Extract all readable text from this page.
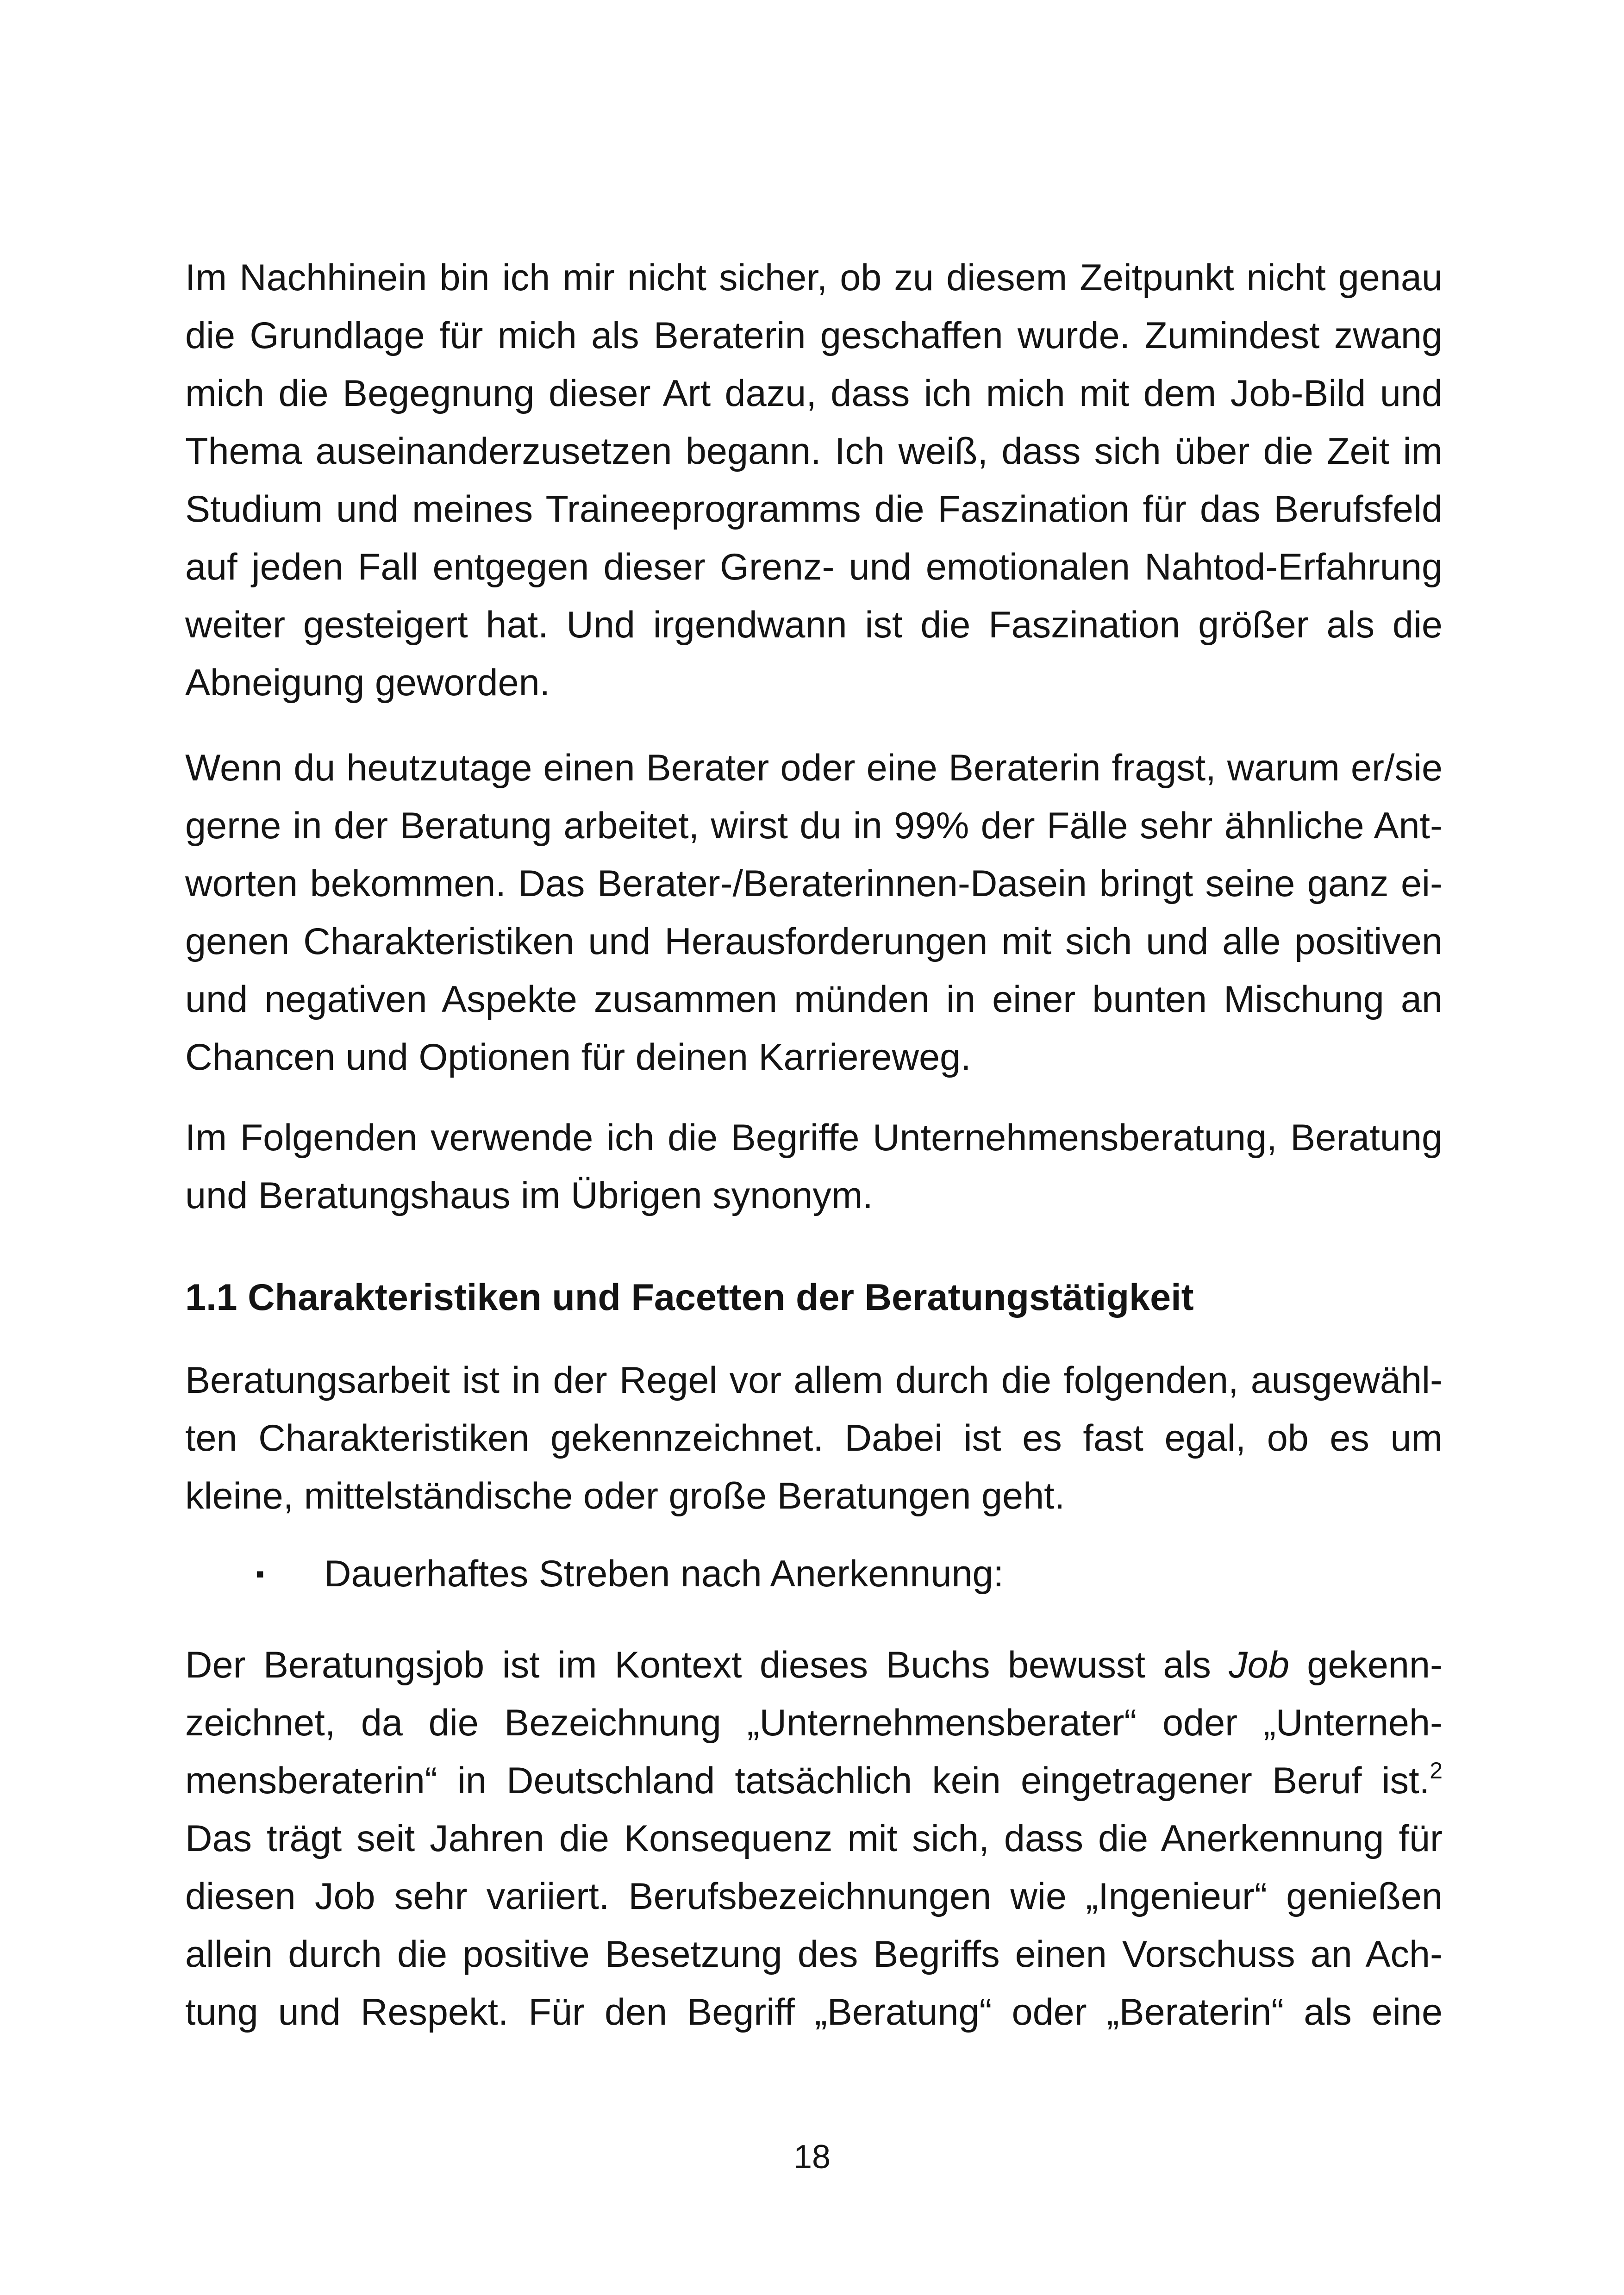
Im Nachhinein bin ich mir nicht sicher, ob zu diesem Zeitpunkt nicht genau
die Grundlage für mich als Beraterin geschaffen wurde. Zumindest zwang
mich die Begegnung dieser Art dazu, dass ich mich mit dem Job-Bild und
Thema auseinanderzusetzen begann. Ich weiß, dass sich über die Zeit im
Studium und meines Traineeprogramms die Faszination für das Berufsfeld
auf jeden Fall entgegen dieser Grenz- und emotionalen Nahtod-Erfahrung
weiter gesteigert hat. Und irgendwann ist die Faszination größer als die
Abneigung geworden.
Wenn du heutzutage einen Berater oder eine Beraterin fragst, warum er/sie
gerne in der Beratung arbeitet, wirst du in 99% der Fälle sehr ähnliche Ant-
worten bekommen. Das Berater-/Beraterinnen-Dasein bringt seine ganz ei-
genen Charakteristiken und Herausforderungen mit sich und alle positiven
und negativen Aspekte zusammen münden in einer bunten Mischung an
Chancen und Optionen für deinen Karriereweg.
Im Folgenden verwende ich die Begriffe Unternehmensberatung, Beratung
und Beratungshaus im Übrigen synonym.
1.1 Charakteristiken und Facetten der Beratungstätigkeit
Beratungsarbeit ist in der Regel vor allem durch die folgenden, ausgewähl-
ten Charakteristiken gekennzeichnet. Dabei ist es fast egal, ob es um
kleine, mittelständische oder große Beratungen geht.
▪ Dauerhaftes Streben nach Anerkennung:
Der Beratungsjob ist im Kontext dieses Buchs bewusst als Job gekenn-
zeichnet, da die Bezeichnung „Unternehmensberater“ oder „Unterneh-
mensberaterin“ in Deutschland tatsächlich kein eingetragener Beruf ist.$^2$
Das trägt seit Jahren die Konsequenz mit sich, dass die Anerkennung für
diesen Job sehr variiert. Berufsbezeichnungen wie „Ingenieur“ genießen
allein durch die positive Besetzung des Begriffs einen Vorschuss an Ach-
tung und Respekt. Für den Begriff „Beratung“ oder „Beraterin“ als eine
18
